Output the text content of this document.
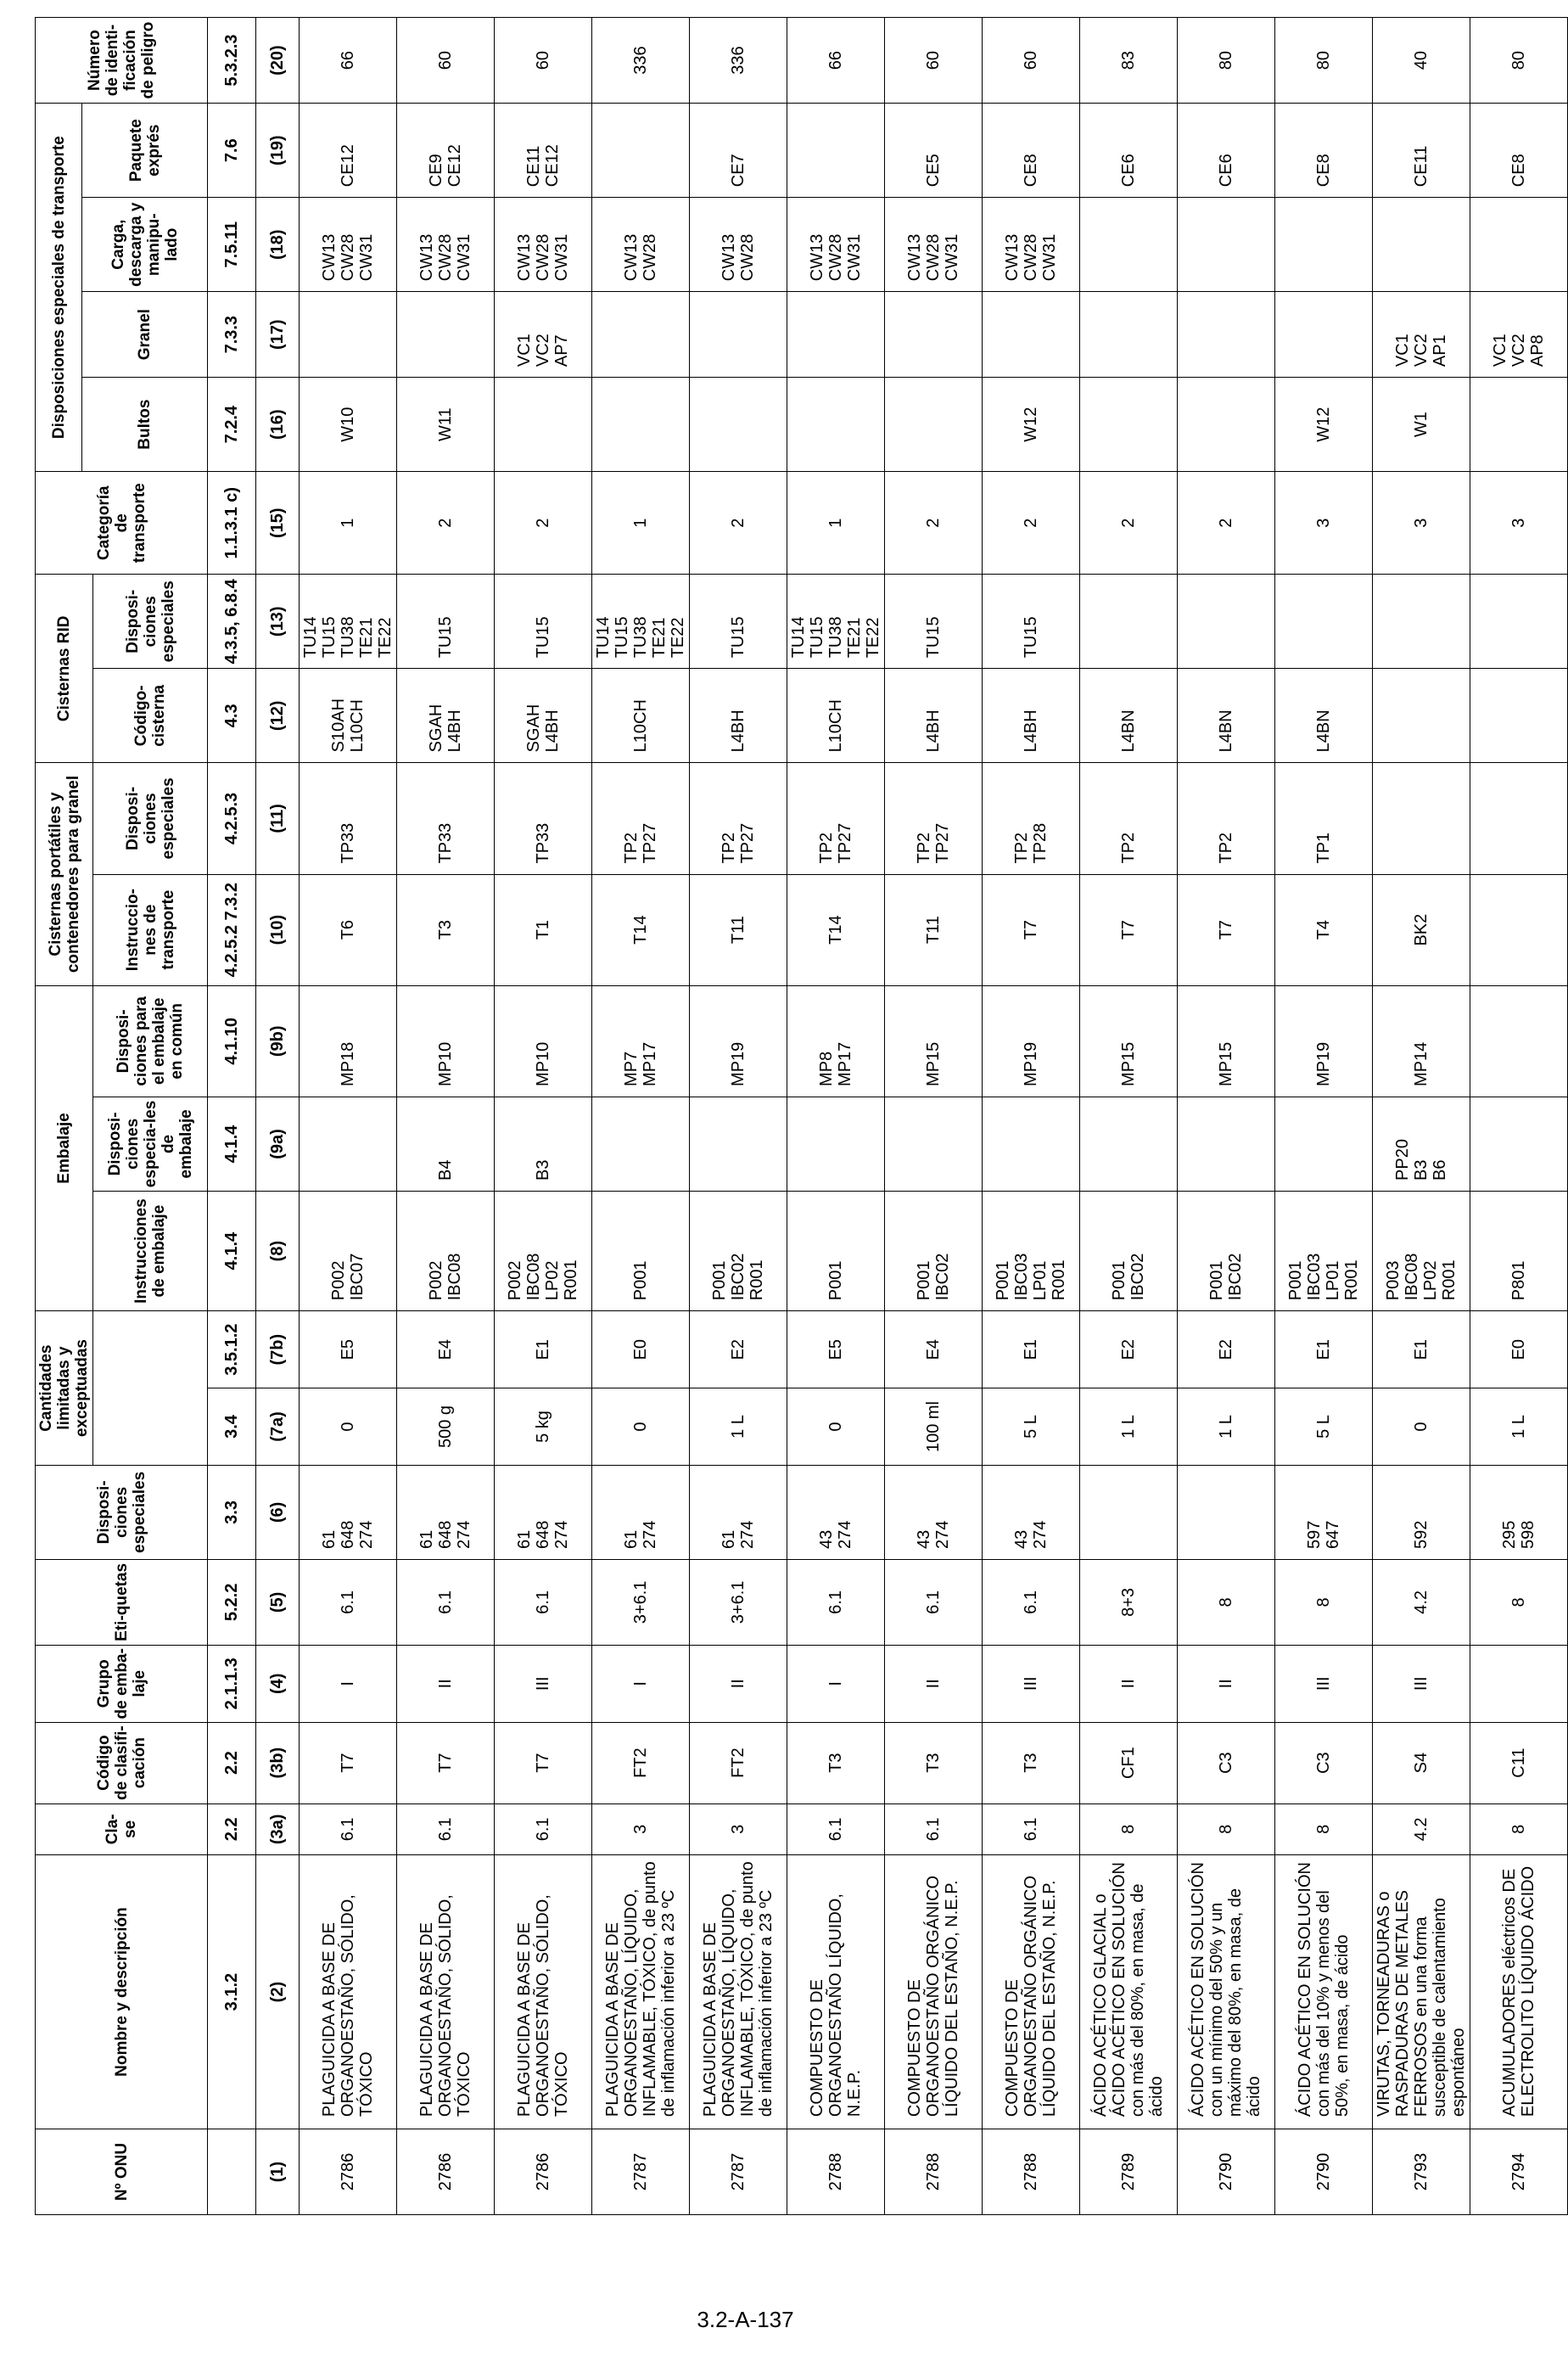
Nº ONU	Nombre y descripción	Cla-se	Código de clasifi-cación	Grupo de emba-laje	Eti-quetas	Disposi-ciones especiales	Cantidades limitadas y exceptuadas		Embalaje			Cisternas portátiles y contenedores para granel		Cisternas RID		Categoría de transporte	Disposiciones especiales de transporte				Número de identi-ficación de peligro
																	Bultos	Granel	Carga, descarga y manipu-lado	Paquete exprés	
									Instrucciones de embalaje	Disposi-ciones especia-les de embalaje	Disposi-ciones para el embalaje en común	Instruccio-nes de transporte	Disposi-ciones especiales	Código-cisterna	Disposi-ciones especiales						
	3.1.2	2.2	2.2	2.1.1.3	5.2.2	3.3	3.4	3.5.1.2	4.1.4	4.1.4	4.1.10	4.2.5.2 7.3.2	4.2.5.3	4.3	4.3.5, 6.8.4	1.1.3.1 c)	7.2.4	7.3.3	7.5.11	7.6	5.3.2.3
(1)	(2)	(3a)	(3b)	(4)	(5)	(6)	(7a)	(7b)	(8)	(9a)	(9b)	(10)	(11)	(12)	(13)	(15)	(16)	(17)	(18)	(19)	(20)
2786	PLAGUICIDA A BASE DE ORGANOESTAÑO, SÓLIDO, TÓXICO	6.1	T7	I	6.1	61
648
274	0	E5	P002
IBC07		MP18	T6	TP33	S10AH
L10CH	TU14
TU15
TU38
TE21
TE22	1	W10		CW13
CW28
CW31	CE12	66
2786	PLAGUICIDA A BASE DE ORGANOESTAÑO, SÓLIDO, TÓXICO	6.1	T7	II	6.1	61
648
274	500 g	E4	P002
IBC08	B4	MP10	T3	TP33	SGAH
L4BH	TU15	2	W11		CW13
CW28
CW31	CE9
CE12	60
2786	PLAGUICIDA A BASE DE ORGANOESTAÑO, SÓLIDO, TÓXICO	6.1	T7	III	6.1	61
648
274	5 kg	E1	P002
IBC08
LP02
R001	B3	MP10	T1	TP33	SGAH
L4BH	TU15	2		VC1
VC2
AP7	CW13
CW28
CW31	CE11
CE12	60
2787	PLAGUICIDA A BASE DE ORGANOESTAÑO, LÍQUIDO, INFLAMABLE, TÓXICO, de punto de inflamación inferior a 23 ºC	3	FT2	I	3+6.1	61
274	0	E0	P001		MP7
MP17	T14	TP2
TP27	L10CH	TU14
TU15
TU38
TE21
TE22	1			CW13
CW28		336
2787	PLAGUICIDA A BASE DE ORGANOESTAÑO, LÍQUIDO, INFLAMABLE, TÓXICO, de punto de inflamación inferior a 23 ºC	3	FT2	II	3+6.1	61
274	1 L	E2	P001
IBC02
R001		MP19	T11	TP2
TP27	L4BH	TU15	2			CW13
CW28	CE7	336
2788	COMPUESTO DE ORGANOESTAÑO LÍQUIDO, N.E.P.	6.1	T3	I	6.1	43
274	0	E5	P001		MP8
MP17	T14	TP2
TP27	L10CH	TU14
TU15
TU38
TE21
TE22	1			CW13
CW28
CW31		66
2788	COMPUESTO DE ORGANOESTAÑO ORGÁNICO LÍQUIDO DEL ESTAÑO, N.E.P.	6.1	T3	II	6.1	43
274	100 ml	E4	P001
IBC02		MP15	T11	TP2
TP27	L4BH	TU15	2			CW13
CW28
CW31	CE5	60
2788	COMPUESTO DE ORGANOESTAÑO ORGÁNICO LÍQUIDO DEL ESTAÑO, N.E.P.	6.1	T3	III	6.1	43
274	5 L	E1	P001
IBC03
LP01
R001		MP19	T7	TP2
TP28	L4BH	TU15	2	W12		CW13
CW28
CW31	CE8	60
2789	ÁCIDO ACÉTICO GLACIAL o ÁCIDO ACÉTICO EN SOLUCIÓN con más del 80%, en masa, de ácido	8	CF1	II	8+3		1 L	E2	P001
IBC02		MP15	T7	TP2	L4BN		2				CE6	83
2790	ÁCIDO ACÉTICO EN SOLUCIÓN con un mínimo del 50% y un máximo del 80%, en masa, de ácido	8	C3	II	8		1 L	E2	P001
IBC02		MP15	T7	TP2	L4BN		2				CE6	80
2790	ÁCIDO ACÉTICO EN SOLUCIÓN con más del 10% y menos del 50%, en masa, de ácido	8	C3	III	8	597
647	5 L	E1	P001
IBC03
LP01
R001		MP19	T4	TP1	L4BN		3	W12			CE8	80
2793	VIRUTAS, TORNEADURAS o RASPADURAS DE METALES FERROSOS en una forma susceptible de calentamiento espontáneo	4.2	S4	III	4.2	592	0	E1	P003
IBC08
LP02
R001	PP20
B3
B6	MP14	BK2				3	W1	VC1
VC2
AP1		CE11	40
2794	ACUMULADORES eléctricos DE ELECTROLITO LÍQUIDO ÁCIDO	8	C11		8	295
598	1 L	E0	P801							3		VC1
VC2
AP8		CE8	80
3.2-A-137
